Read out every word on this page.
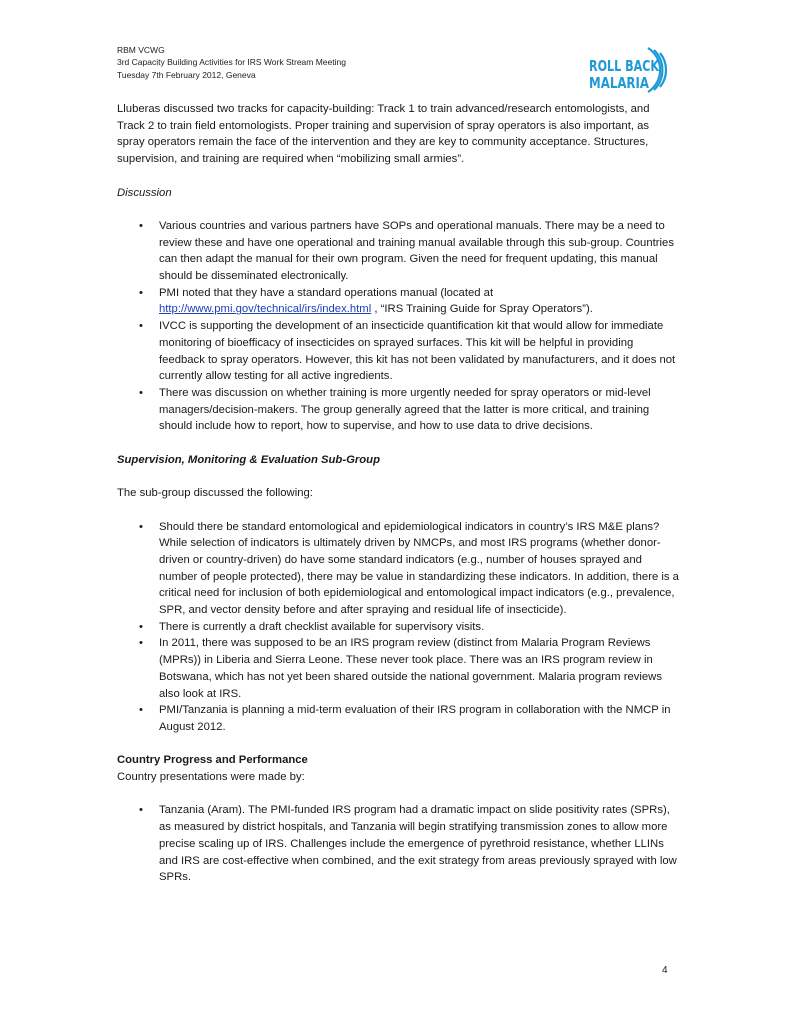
RBM VCWG
3rd Capacity Building Activities for IRS Work Stream Meeting
Tuesday 7th February 2012, Geneva	ROLL BACK
MALARIA

Lluberas discussed two tracks for capacity-building: Track 1 to train advanced/research entomologists, and Track 2 to train field entomologists. Proper training and supervision of spray operators is also important, as spray operators remain the face of the intervention and they are key to community acceptance. Structures, supervision, and training are required when “mobilizing small armies”.

Discussion

•	Various countries and various partners have SOPs and operational manuals. There may be a need to review these and have one operational and training manual available through this sub-group. Countries can then adapt the manual for their own program. Given the need for frequent updating, this manual should be disseminated electronically.
•	PMI noted that they have a standard operations manual (located at http://www.pmi.gov/technical/irs/index.html , “IRS Training Guide for Spray Operators”).
•	IVCC is supporting the development of an insecticide quantification kit that would allow for immediate monitoring of bioefficacy of insecticides on sprayed surfaces. This kit will be helpful in providing feedback to spray operators. However, this kit has not been validated by manufacturers, and it does not currently allow testing for all active ingredients.
•	There was discussion on whether training is more urgently needed for spray operators or mid-level managers/decision-makers. The group generally agreed that the latter is more critical, and training should include how to report, how to supervise, and how to use data to drive decisions.

Supervision, Monitoring & Evaluation Sub-Group

The sub-group discussed the following:

•	Should there be standard entomological and epidemiological indicators in country’s IRS M&E plans? While selection of indicators is ultimately driven by NMCPs, and most IRS programs (whether donor-driven or country-driven) do have some standard indicators (e.g., number of houses sprayed and number of people protected), there may be value in standardizing these indicators. In addition, there is a critical need for inclusion of both epidemiological and entomological impact indicators (e.g., prevalence, SPR, and vector density before and after spraying and residual life of insecticide).
•	There is currently a draft checklist available for supervisory visits.
•	In 2011, there was supposed to be an IRS program review (distinct from Malaria Program Reviews (MPRs)) in Liberia and Sierra Leone. These never took place. There was an IRS program review in Botswana, which has not yet been shared outside the national government. Malaria program reviews also look at IRS.
•	PMI/Tanzania is planning a mid-term evaluation of their IRS program in collaboration with the NMCP in August 2012.

Country Progress and Performance

Country presentations were made by:

•	Tanzania (Aram). The PMI-funded IRS program had a dramatic impact on slide positivity rates (SPRs), as measured by district hospitals, and Tanzania will begin stratifying transmission zones to allow more precise scaling up of IRS. Challenges include the emergence of pyrethroid resistance, whether LLINs and IRS are cost-effective when combined, and the exit strategy from areas previously sprayed with low SPRs.
4
